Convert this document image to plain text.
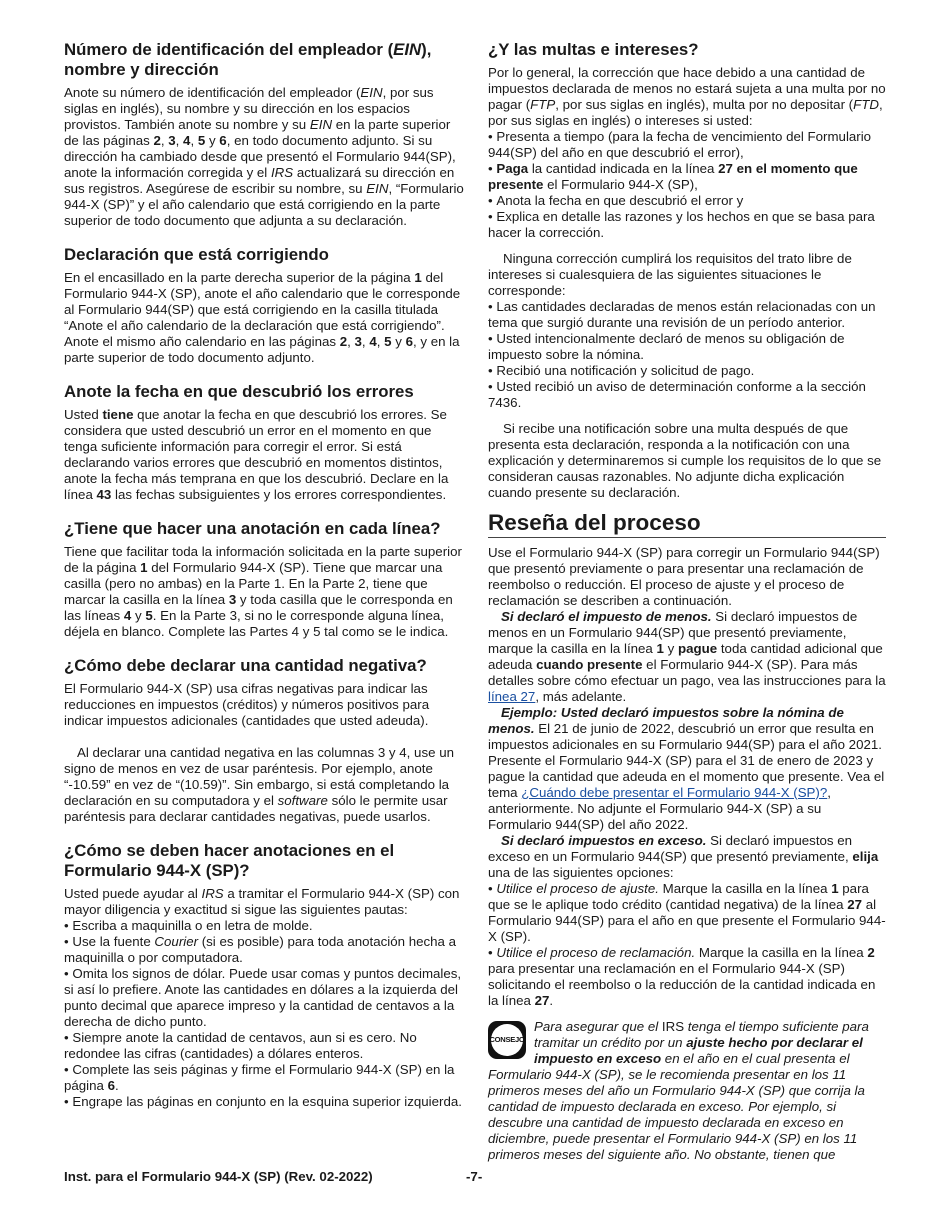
Número de identificación del empleador (EIN), nombre y dirección

Anote su número de identificación del empleador (EIN, por sus siglas en inglés), su nombre y su dirección en los espacios provistos. También anote su nombre y su EIN en la parte superior de las páginas 2, 3, 4, 5 y 6, en todo documento adjunto. Si su dirección ha cambiado desde que presentó el Formulario 944(SP), anote la información corregida y el IRS actualizará su dirección en sus registros. Asegúrese de escribir su nombre, su EIN, “Formulario 944-X (SP)” y el año calendario que está corrigiendo en la parte superior de todo documento que adjunta a su declaración.

Declaración que está corrigiendo

En el encasillado en la parte derecha superior de la página 1 del Formulario 944-X (SP), anote el año calendario que le corresponde al Formulario 944(SP) que está corrigiendo en la casilla titulada “Anote el año calendario de la declaración que está corrigiendo”. Anote el mismo año calendario en las páginas 2, 3, 4, 5 y 6, y en la parte superior de todo documento adjunto.

Anote la fecha en que descubrió los errores

Usted tiene que anotar la fecha en que descubrió los errores. Se considera que usted descubrió un error en el momento en que tenga suficiente información para corregir el error. Si está declarando varios errores que descubrió en momentos distintos, anote la fecha más temprana en que los descubrió. Declare en la línea 43 las fechas subsiguientes y los errores correspondientes.

¿Tiene que hacer una anotación en cada línea?

Tiene que facilitar toda la información solicitada en la parte superior de la página 1 del Formulario 944-X (SP). Tiene que marcar una casilla (pero no ambas) en la Parte 1. En la Parte 2, tiene que marcar la casilla en la línea 3 y toda casilla que le corresponda en las líneas 4 y 5. En la Parte 3, si no le corresponde alguna línea, déjela en blanco. Complete las Partes 4 y 5 tal como se le indica.

¿Cómo debe declarar una cantidad negativa?

El Formulario 944-X (SP) usa cifras negativas para indicar las reducciones en impuestos (créditos) y números positivos para indicar impuestos adicionales (cantidades que usted adeuda).

Al declarar una cantidad negativa en las columnas 3 y 4, use un signo de menos en vez de usar paréntesis. Por ejemplo, anote “-10.59” en vez de “(10.59)”. Sin embargo, si está completando la declaración en su computadora y el software sólo le permite usar paréntesis para declarar cantidades negativas, puede usarlos.

¿Cómo se deben hacer anotaciones en el Formulario 944-X (SP)?

Usted puede ayudar al IRS a tramitar el Formulario 944-X (SP) con mayor diligencia y exactitud si sigue las siguientes pautas:

• Escriba a maquinilla o en letra de molde.

• Use la fuente Courier (si es posible) para toda anotación hecha a maquinilla o por computadora.

• Omita los signos de dólar. Puede usar comas y puntos decimales, si así lo prefiere. Anote las cantidades en dólares a la izquierda del punto decimal que aparece impreso y la cantidad de centavos a la derecha de dicho punto.

• Siempre anote la cantidad de centavos, aun si es cero. No redondee las cifras (cantidades) a dólares enteros.

• Complete las seis páginas y firme el Formulario 944-X (SP) en la página 6.

• Engrape las páginas en conjunto en la esquina superior izquierda.

¿Y las multas e intereses?

Por lo general, la corrección que hace debido a una cantidad de impuestos declarada de menos no estará sujeta a una multa por no pagar (FTP, por sus siglas en inglés), multa por no depositar (FTD, por sus siglas en inglés) o intereses si usted:

• Presenta a tiempo (para la fecha de vencimiento del Formulario 944(SP) del año en que descubrió el error),

• Paga la cantidad indicada en la línea 27 en el momento que presente el Formulario 944-X (SP),

• Anota la fecha en que descubrió el error y

• Explica en detalle las razones y los hechos en que se basa para hacer la corrección.

Ninguna corrección cumplirá los requisitos del trato libre de intereses si cualesquiera de las siguientes situaciones le corresponde:

• Las cantidades declaradas de menos están relacionadas con un tema que surgió durante una revisión de un período anterior.

• Usted intencionalmente declaró de menos su obligación de impuesto sobre la nómina.

• Recibió una notificación y solicitud de pago.

• Usted recibió un aviso de determinación conforme a la sección 7436.

Si recibe una notificación sobre una multa después de que presenta esta declaración, responda a la notificación con una explicación y determinaremos si cumple los requisitos de lo que se consideran causas razonables. No adjunte dicha explicación cuando presente su declaración.

Reseña del proceso

Use el Formulario 944-X (SP) para corregir un Formulario 944(SP) que presentó previamente o para presentar una reclamación de reembolso o reducción. El proceso de ajuste y el proceso de reclamación se describen a continuación.

Si declaró el impuesto de menos. Si declaró impuestos de menos en un Formulario 944(SP) que presentó previamente, marque la casilla en la línea 1 y pague toda cantidad adicional que adeuda cuando presente el Formulario 944-X (SP). Para más detalles sobre cómo efectuar un pago, vea las instrucciones para la línea 27, más adelante.

Ejemplo: Usted declaró impuestos sobre la nómina de menos. El 21 de junio de 2022, descubrió un error que resulta en impuestos adicionales en su Formulario 944(SP) para el año 2021. Presente el Formulario 944-X (SP) para el 31 de enero de 2023 y pague la cantidad que adeuda en el momento que presente. Vea el tema ¿Cuándo debe presentar el Formulario 944-X (SP)?, anteriormente. No adjunte el Formulario 944-X (SP) a su Formulario 944(SP) del año 2022.

Si declaró impuestos en exceso. Si declaró impuestos en exceso en un Formulario 944(SP) que presentó previamente, elija una de las siguientes opciones:

• Utilice el proceso de ajuste. Marque la casilla en la línea 1 para que se le aplique todo crédito (cantidad negativa) de la línea 27 al Formulario 944(SP) para el año en que presente el Formulario 944-X (SP).

• Utilice el proceso de reclamación. Marque la casilla en la línea 2 para presentar una reclamación en el Formulario 944-X (SP) solicitando el reembolso o la reducción de la cantidad indicada en la línea 27.

CONSEJO
Para asegurar que el IRS tenga el tiempo suficiente para tramitar un crédito por un ajuste hecho por declarar el impuesto en exceso en el año en el cual presenta el Formulario 944-X (SP), se le recomienda presentar en los 11 primeros meses del año un Formulario 944-X (SP) que corrija la cantidad de impuesto declarada en exceso. Por ejemplo, si descubre una cantidad de impuesto declarada en exceso en diciembre, puede presentar el Formulario 944-X (SP) en los 11 primeros meses del siguiente año. No obstante, tienen que
Inst. para el Formulario 944-X (SP) (Rev. 02-2022)	-7-
